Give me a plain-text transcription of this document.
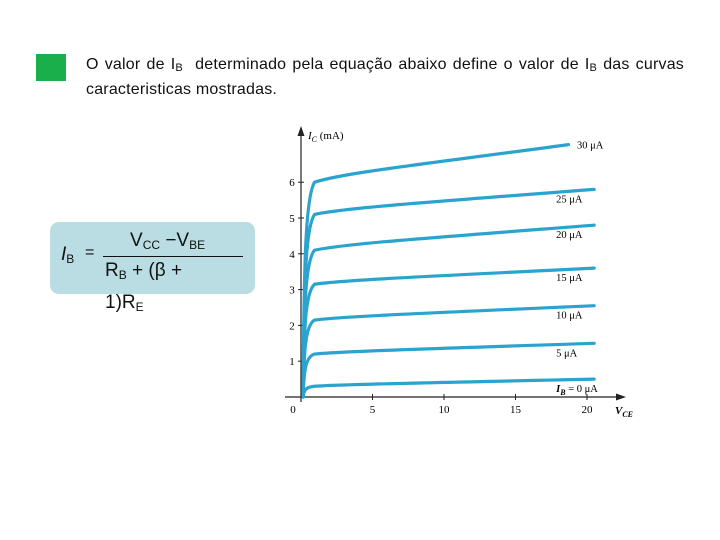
O valor de $I_B$ determinado pela equação abaixo define o valor de $I_B$ das curvas caracteristicas mostradas.
$I_B$ =
$V_{CC} -V_{BE}$
$R_B + (\beta$ +
$1)R_E$
1
2
3
4
5
6
5	10	15	20
30 μA
25 μA
20 μA
15 μA
10 μA
5 μA
$I_B = 0$ μA
$I_C$ (mA)
$V_{CE}$
0
